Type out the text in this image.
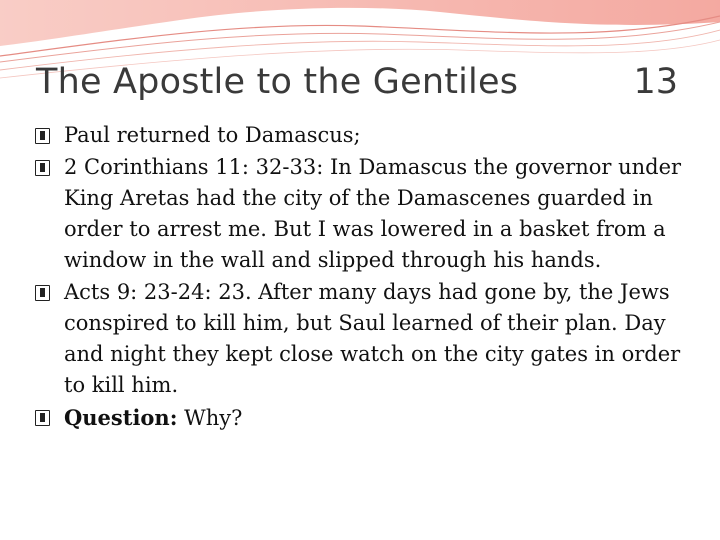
The Apostle to the Gentiles	13
Paul returned to Damascus;
2 Corinthians 11: 32-33: In Damascus the governor under King Aretas had the city of the Damascenes guarded in order to arrest me. But I was lowered in a basket from a window in the wall and slipped through his hands.
Acts 9: 23-24: 23. After many days had gone by, the Jews conspired to kill him, but Saul learned of their plan. Day and night they kept close watch on the city gates in order to kill him.
Question: Why?
